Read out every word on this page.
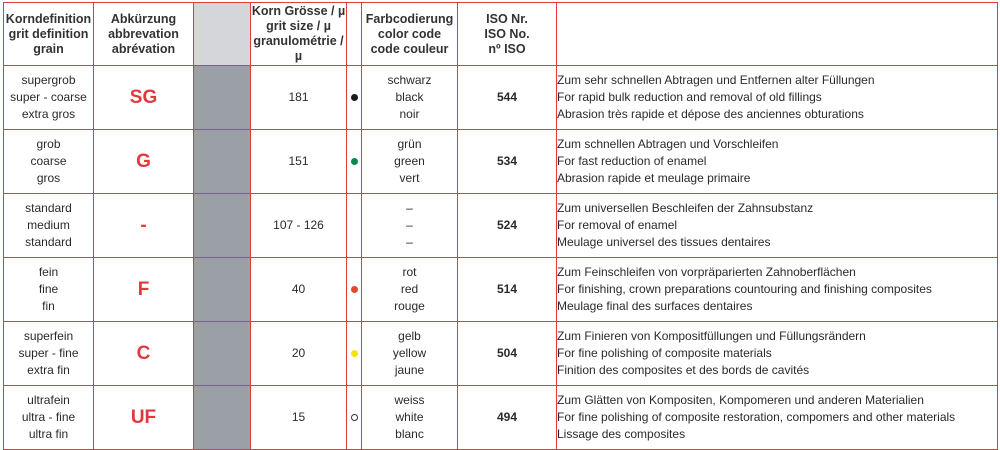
Korndefinition
grit definition
grain	Abkürzung
abbrevation
abrévation		Korn Grösse / µ
grit size / µ
granulométrie / µ		Farbcodierung
color code
code couleur	ISO Nr.
ISO No.
nº ISO	

supergrob
super - coarse
extra gros	SG		181		schwarz
black
noir	544	Zum sehr schnellen Abtragen und Entfernen alter Füllungen
For rapid bulk reduction and removal of old fillings
Abrasion très rapide et dépose des anciennes obturations

grob
coarse
gros	G		151		grün
green
vert	534	Zum schnellen Abtragen und Vorschleifen
For fast reduction of enamel
Abrasion rapide et meulage primaire

standard
medium
standard	-		107 - 126		–
–
–	524	Zum universellen Beschleifen der Zahnsubstanz
For removal of enamel
Meulage universel des tissues dentaires

fein
fine
fin	F		40		rot
red
rouge	514	Zum Feinschleifen von vorpräparierten Zahnoberflächen
For finishing, crown preparations countouring and finishing composites
Meulage final des surfaces dentaires

superfein
super - fine
extra fin	C		20		gelb
yellow
jaune	504	Zum Finieren von Kompositfüllungen und Füllungsrändern
For fine polishing of composite materials
Finition des composites et des bords de cavités

ultrafein
ultra - fine
ultra fin	UF		15		weiss
white
blanc	494	Zum Glätten von Kompositen, Kompomeren und anderen Materialien
For fine polishing of composite restoration, compomers and other materials
Lissage des composites
